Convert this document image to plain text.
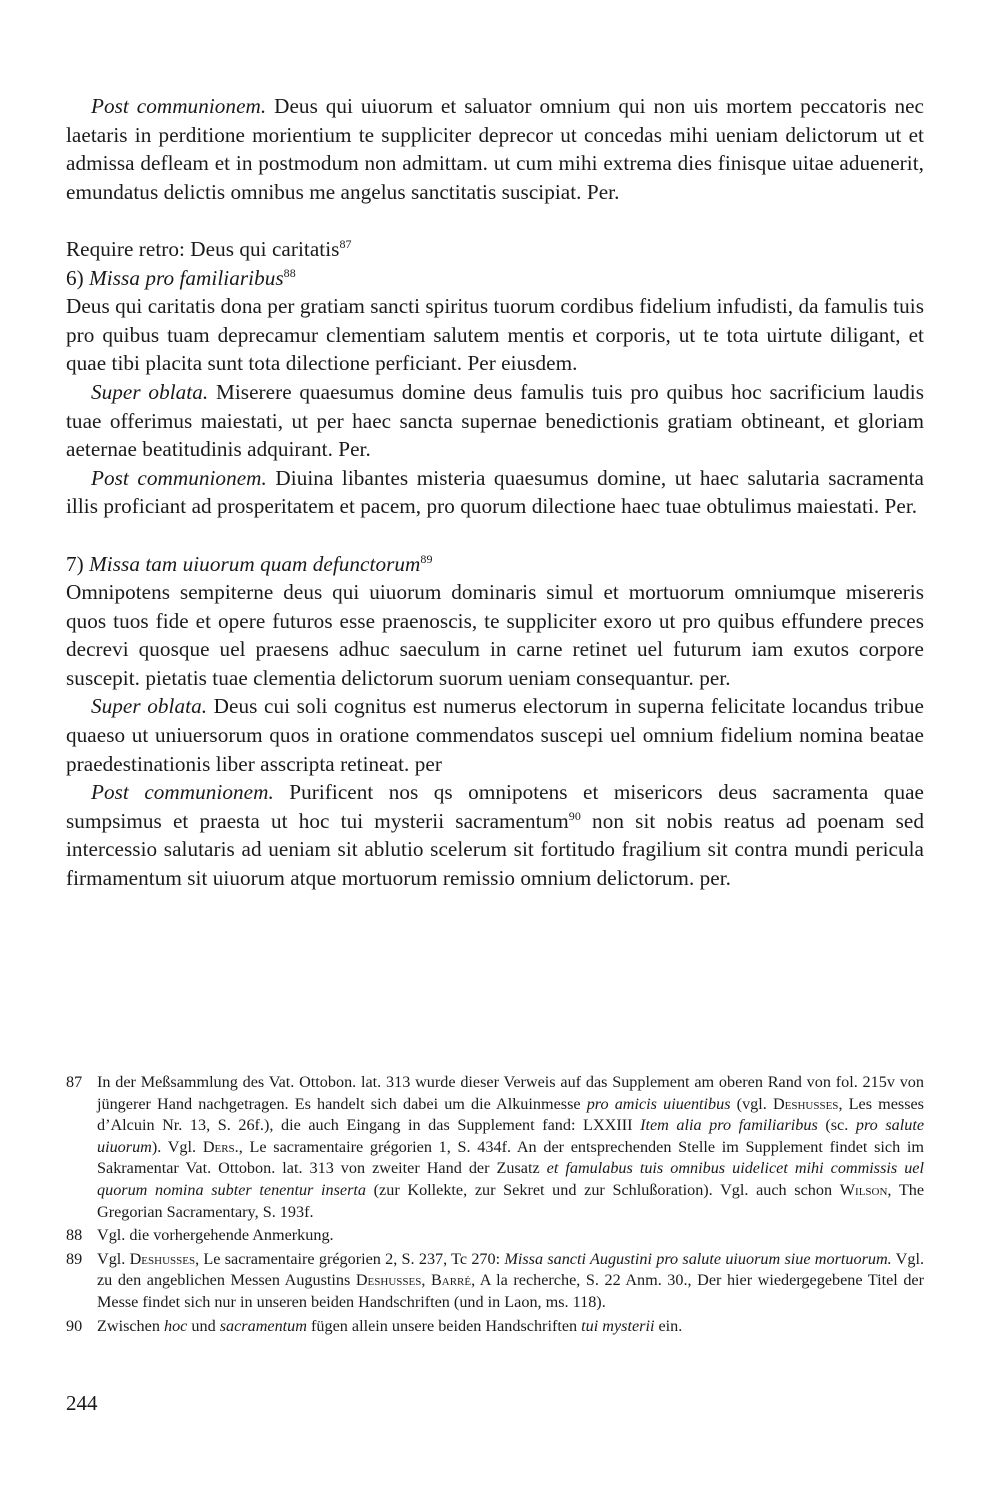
Post communionem. Deus qui uiuorum et saluator omnium qui non uis mortem peccatoris nec laetaris in perditione morientium te suppliciter deprecor ut concedas mihi ueniam delictorum ut et admissa defleam et in postmodum non admittam. ut cum mihi extrema dies finisque uitae aduenerit, emundatus delictis omnibus me angelus sanctitatis suscipiat. Per.

Require retro: Deus qui caritatis$^{87}$

6) Missa pro familiaribus$^{88}$

Deus qui caritatis dona per gratiam sancti spiritus tuorum cordibus fidelium infudisti, da famulis tuis pro quibus tuam deprecamur clementiam salutem mentis et corporis, ut te tota uirtute diligant, et quae tibi placita sunt tota dilectione perficiant. Per eiusdem.

Super oblata. Miserere quaesumus domine deus famulis tuis pro quibus hoc sacrificium laudis tuae offerimus maiestati, ut per haec sancta supernae benedictionis gratiam obtineant, et gloriam aeternae beatitudinis adquirant. Per.

Post communionem. Diuina libantes misteria quaesumus domine, ut haec salutaria sacramenta illis proficiant ad prosperitatem et pacem, pro quorum dilectione haec tuae obtulimus maiestati. Per.

7) Missa tam uiuorum quam defunctorum$^{89}$

Omnipotens sempiterne deus qui uiuorum dominaris simul et mortuorum omniumque misereris quos tuos fide et opere futuros esse praenoscis, te suppliciter exoro ut pro quibus effundere preces decrevi quosque uel praesens adhuc saeculum in carne retinet uel futurum iam exutos corpore suscepit. pietatis tuae clementia delictorum suorum ueniam consequantur. per.

Super oblata. Deus cui soli cognitus est numerus electorum in superna felicitate locandus tribue quaeso ut uniuersorum quos in oratione commendatos suscepi uel omnium fidelium nomina beatae praedestinationis liber asscripta retineat. per

Post communionem. Purificent nos qs omnipotens et misericors deus sacramenta quae sumpsimus et praesta ut hoc tui mysterii sacramentum$^{90}$ non sit nobis reatus ad poenam sed intercessio salutaris ad ueniam sit ablutio scelerum sit fortitudo fragilium sit contra mundi pericula firmamentum sit uiuorum atque mortuorum remissio omnium delictorum. per.

87 In der Meßsammlung des Vat. Ottobon. lat. 313 wurde dieser Verweis auf das Supplement am oberen Rand von fol. 215v von jüngerer Hand nachgetragen. Es handelt sich dabei um die Alkuinmesse pro amicis uiuentibus (vgl. Deshusses, Les messes d’Alcuin Nr. 13, S. 26f.), die auch Eingang in das Supplement fand: LXXIII Item alia pro familiaribus (sc. pro salute uiuorum). Vgl. Ders., Le sacramentaire grégorien 1, S. 434f. An der entsprechenden Stelle im Supplement findet sich im Sakramentar Vat. Ottobon. lat. 313 von zweiter Hand der Zusatz et famulabus tuis omnibus uidelicet mihi commissis uel quorum nomina subter tenentur inserta (zur Kollekte, zur Sekret und zur Schlußoration). Vgl. auch schon Wilson, The Gregorian Sacramentary, S. 193f.
88 Vgl. die vorhergehende Anmerkung.
89 Vgl. Deshusses, Le sacramentaire grégorien 2, S. 237, Tc 270: Missa sancti Augustini pro salute uiuorum siue mortuorum. Vgl. zu den angeblichen Messen Augustins Deshusses, Barré, A la recherche, S. 22 Anm. 30., Der hier wiedergegebene Titel der Messe findet sich nur in unseren beiden Handschriften (und in Laon, ms. 118).
90 Zwischen hoc und sacramentum fügen allein unsere beiden Handschriften tui mysterii ein.
244
